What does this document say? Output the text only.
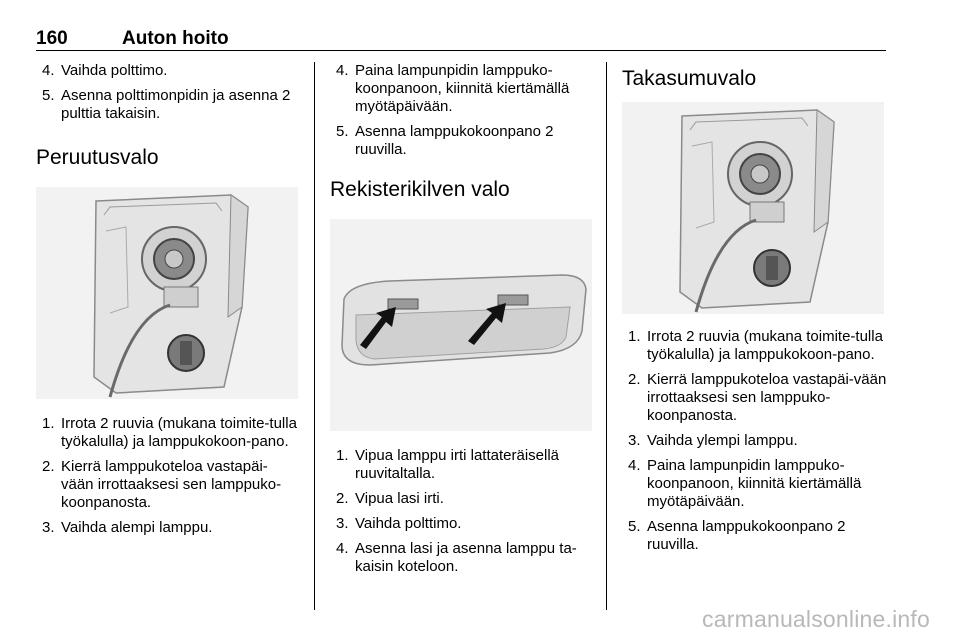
160	Auton hoito
4. Vaihda polttimo.
5. Asenna polttimonpidin ja asenna 2 pulttia takaisin.
Peruutusvalo
1. Irrota 2 ruuvia (mukana toimite-tulla työkalulla) ja lamppukokoon-pano.
2. Kierrä lamppukoteloa vastapäi-vään irrottaaksesi sen lamppuko-koonpanosta.
3. Vaihda alempi lamppu.
4. Paina lampunpidin lamppuko-koonpanoon, kiinnitä kiertämällä myötäpäivään.
5. Asenna lamppukokoonpano 2 ruuvilla.
Rekisterikilven valo
1. Vipua lamppu irti lattateräisellä ruuvitaltalla.
2. Vipua lasi irti.
3. Vaihda polttimo.
4. Asenna lasi ja asenna lamppu ta-kaisin koteloon.
Takasumuvalo
1. Irrota 2 ruuvia (mukana toimite-tulla työkalulla) ja lamppukokoon-pano.
2. Kierrä lamppukoteloa vastapäi-vään irrottaaksesi sen lamppuko-koonpanosta.
3. Vaihda ylempi lamppu.
4. Paina lampunpidin lamppuko-koonpanoon, kiinnitä kiertämällä myötäpäivään.
5. Asenna lamppukokoonpano 2 ruuvilla.
carmanualsonline.info
